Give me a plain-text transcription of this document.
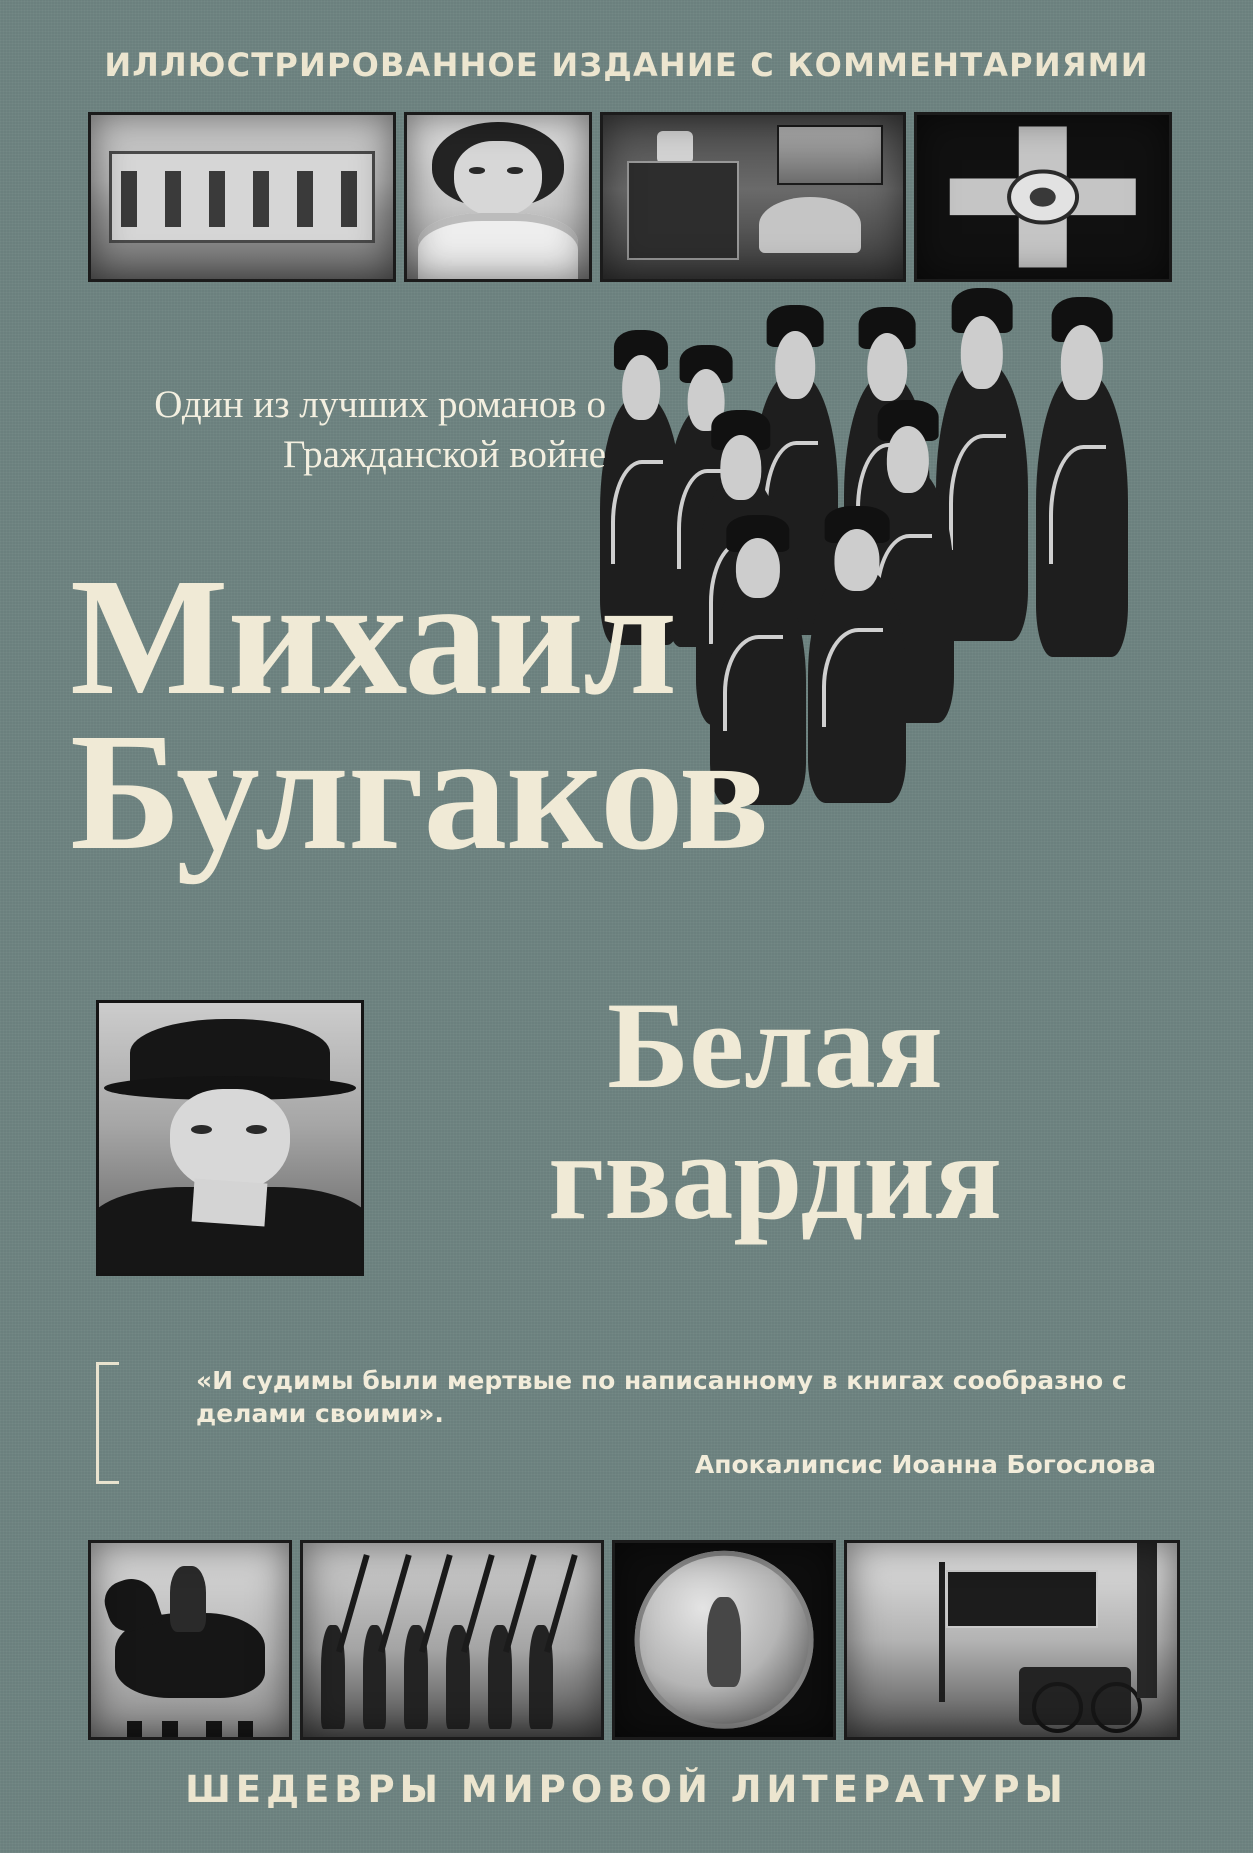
ИЛЛЮСТРИРОВАННОЕ ИЗДАНИЕ С КОММЕНТАРИЯМИ
Один из лучших романов о Гражданской войне
Михаил
Булгаков
Белая
гвардия
«И судимы были мертвые по написанному в книгах сообразно с делами своими».
Апокалипсис Иоанна Богослова
ШЕДЕВРЫ МИРОВОЙ ЛИТЕРАТУРЫ
